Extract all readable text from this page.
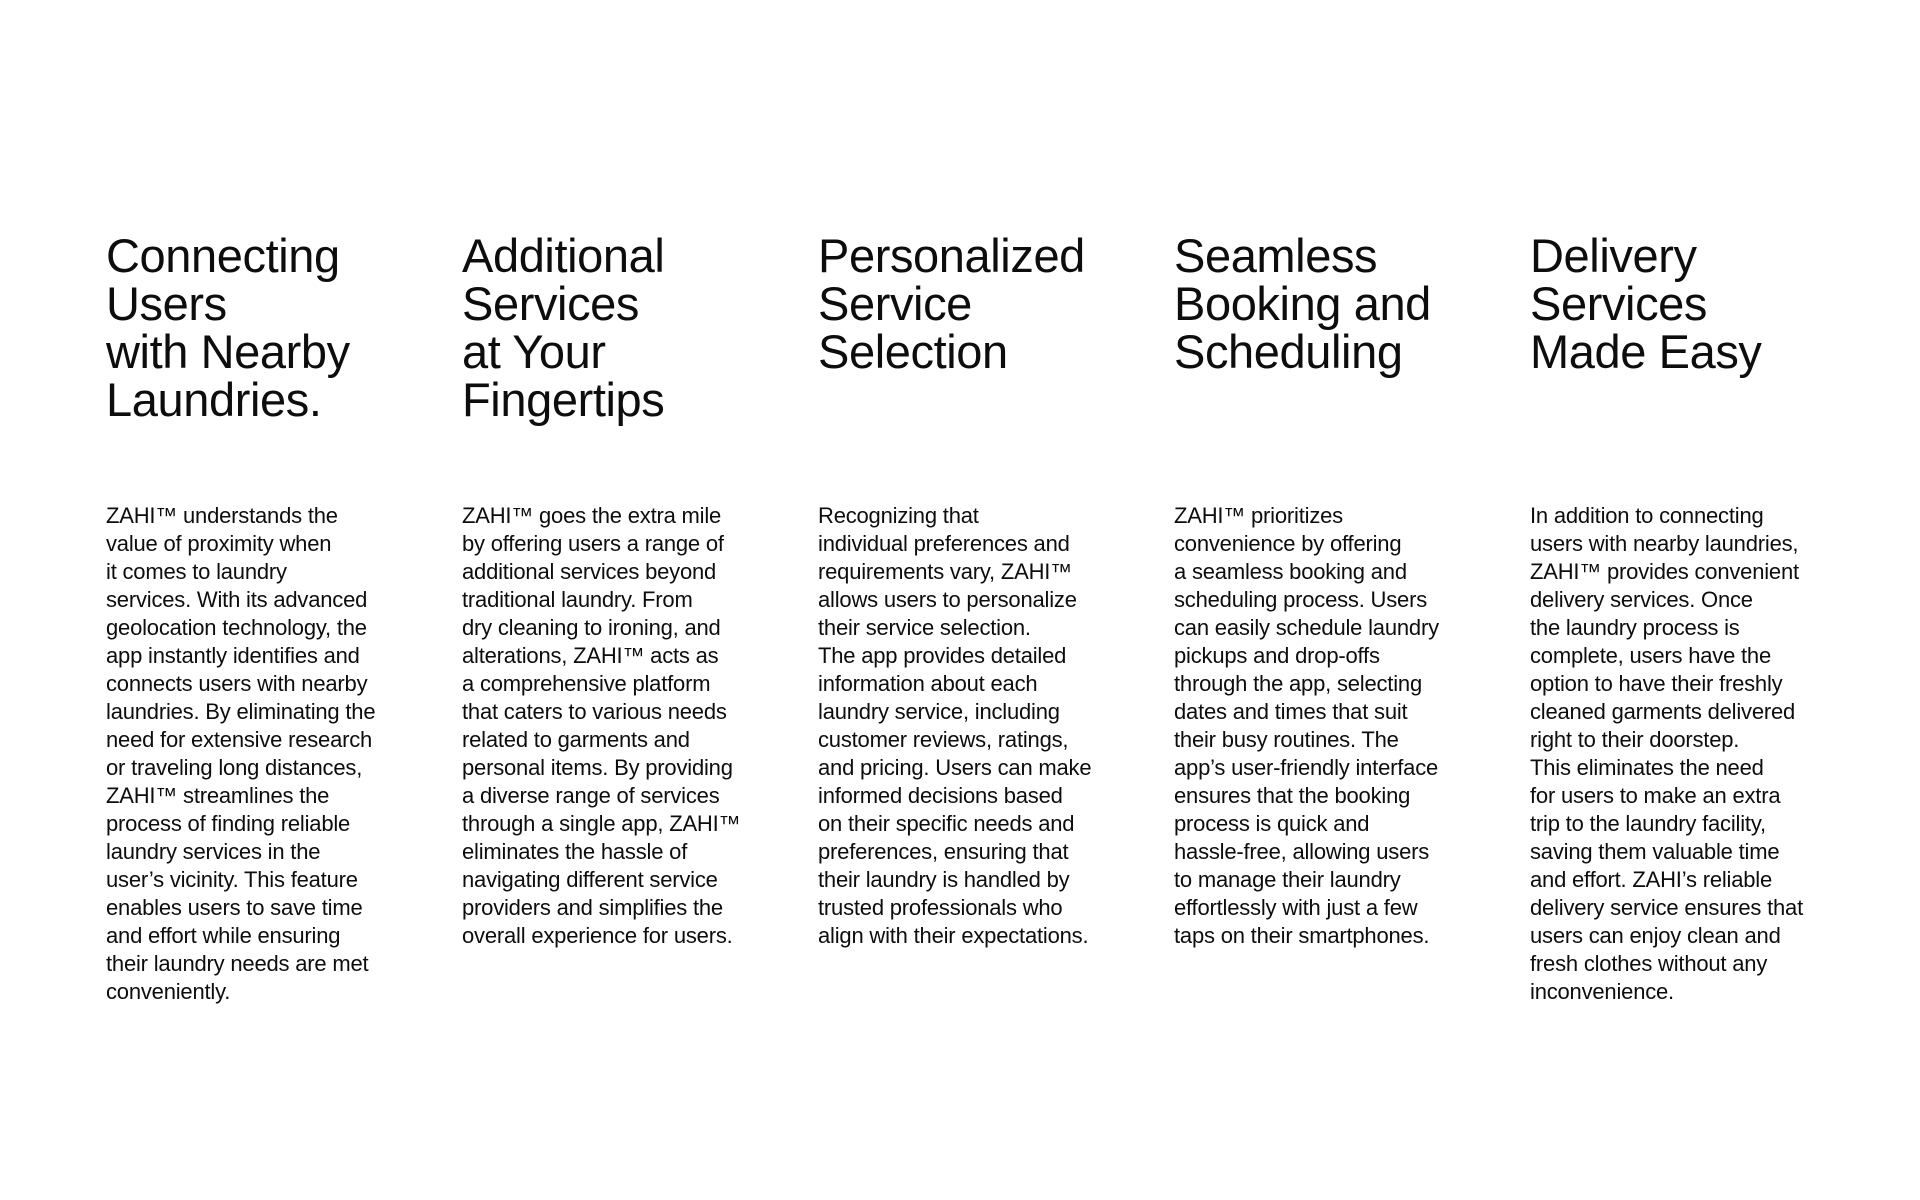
Connecting
Users
with Nearby
Laundries.

ZAHI™ understands the
value of proximity when
it comes to laundry
services. With its advanced
geolocation technology, the
app instantly identifies and
connects users with nearby
laundries. By eliminating the
need for extensive research
or traveling long distances,
ZAHI™ streamlines the
process of finding reliable
laundry services in the
user’s vicinity. This feature
enables users to save time
and effort while ensuring
their laundry needs are met
conveniently.

Additional
Services
at Your
Fingertips

ZAHI™ goes the extra mile
by offering users a range of
additional services beyond
traditional laundry. From
dry cleaning to ironing, and
alterations, ZAHI™ acts as
a comprehensive platform
that caters to various needs
related to garments and
personal items. By providing
a diverse range of services
through a single app, ZAHI™
eliminates the hassle of
navigating different service
providers and simplifies the
overall experience for users.

Personalized
Service
Selection

Recognizing that
individual preferences and
requirements vary, ZAHI™
allows users to personalize
their service selection.
The app provides detailed
information about each
laundry service, including
customer reviews, ratings,
and pricing. Users can make
informed decisions based
on their specific needs and
preferences, ensuring that
their laundry is handled by
trusted professionals who
align with their expectations.

Seamless
Booking and
Scheduling

ZAHI™ prioritizes
convenience by offering
a seamless booking and
scheduling process. Users
can easily schedule laundry
pickups and drop-offs
through the app, selecting
dates and times that suit
their busy routines. The
app’s user-friendly interface
ensures that the booking
process is quick and
hassle-free, allowing users
to manage their laundry
effortlessly with just a few
taps on their smartphones.

Delivery
Services
Made Easy

In addition to connecting
users with nearby laundries,
ZAHI™ provides convenient
delivery services. Once
the laundry process is
complete, users have the
option to have their freshly
cleaned garments delivered
right to their doorstep.
This eliminates the need
for users to make an extra
trip to the laundry facility,
saving them valuable time
and effort. ZAHI’s reliable
delivery service ensures that
users can enjoy clean and
fresh clothes without any
inconvenience.
